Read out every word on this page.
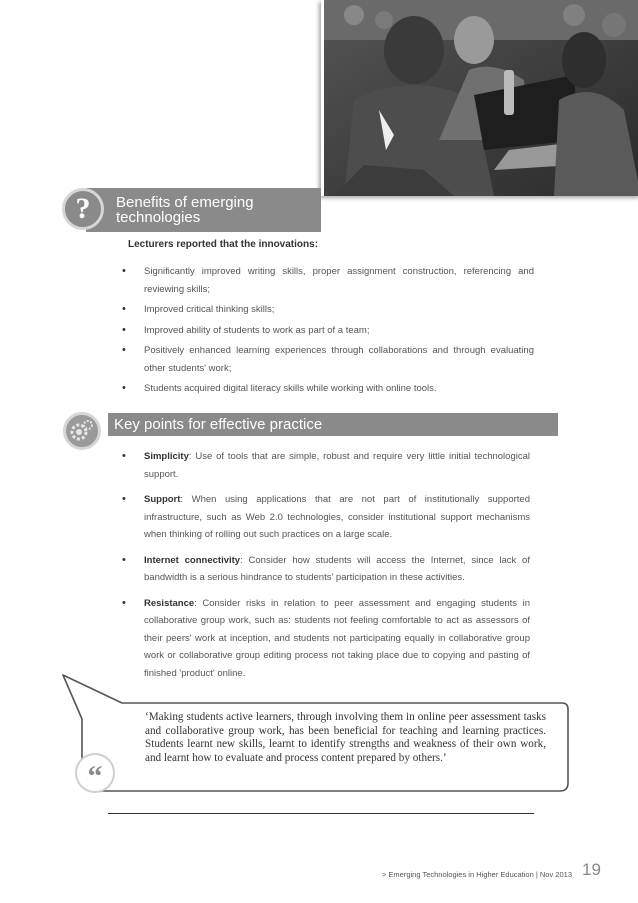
Benefits of emerging
technologies
?
Lecturers reported that the innovations:
• Significantly improved writing skills, proper assignment construction, referencing and reviewing skills;
• Improved critical thinking skills;
• Improved ability of students to work as part of a team;
• Positively enhanced learning experiences through collaborations and through evaluating other students' work;
• Students acquired digital literacy skills while working with online tools.
Key points for effective practice
• Simplicity: Use of tools that are simple, robust and require very little initial technological support.
• Support: When using applications that are not part of institutionally supported infrastructure, such as Web 2.0 technologies, consider institutional support mechanisms when thinking of rolling out such practices on a large scale.
• Internet connectivity: Consider how students will access the Internet, since lack of bandwidth is a serious hindrance to students' participation in these activities.
• Resistance: Consider risks in relation to peer assessment and engaging students in collaborative group work, such as: students not feeling comfortable to act as assessors of their peers' work at inception, and students not participating equally in collaborative group work or collaborative group editing process not taking place due to copying and pasting of finished 'product' online.
“
‘Making students active learners, through involving them in online peer assessment tasks and collaborative group work, has been beneficial for teaching and learning practices. Students learnt new skills, learnt to identify strengths and weakness of their own work, and learnt how to evaluate and process content prepared by others.’
> Emerging Technologies in Higher Education | Nov 2013 19
